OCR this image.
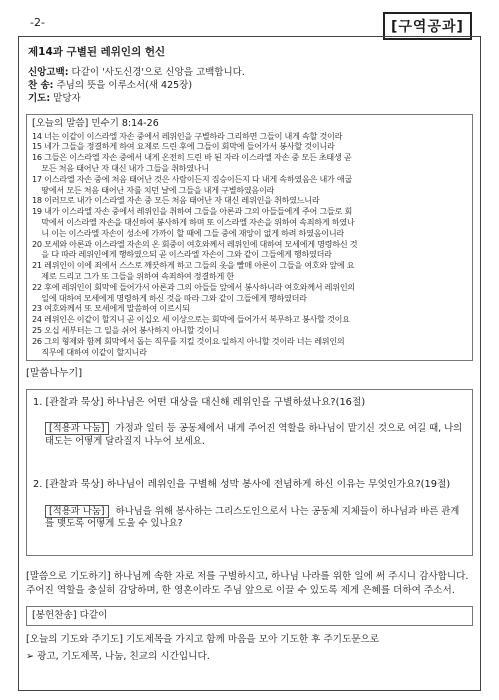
-2-	[구역공과]
제14과 구별된 레위인의 헌신
신앙고백: 다같이 '사도신경'으로 신앙을 고백합니다.
찬 송: 주님의 뜻을 이루소서(새 425장)
기도: 맡당자
[오늘의 말씀] 민수기 8:14-26
14 너는 이같이 이스라엘 자손 중에서 레위인을 구별하라 그리하면 그들이 내게 속할 것이라
15 네가 그들을 정결하게 하여 요제로 드린 후에 그들이 회막에 들어가서 봉사할 것이니라
16 그들은 이스라엘 자손 중에서 내게 온전히 드린 바 된 자라 이스라엘 자손 중 모든 초태생 곧
모든 처음 태어난 자 대신 내가 그들을 취하였나니
17 이스라엘 자손 중에 처음 태어난 것은 사람이든지 짐승이든지 다 내게 속하였음은 내가 애굽
땅에서 모든 처음 태어난 자를 치던 날에 그들을 내게 구별하였음이라
18 이러므로 내가 이스라엘 자손 중 모든 처음 태어난 자 대신 레위인을 취하였느니라
19 내가 이스라엘 자손 중에서 레위인을 취하여 그들을 아론과 그의 아들들에게 주어 그들로 회
막에서 이스라엘 자손을 대신하여 봉사하게 하며 또 이스라엘 자손을 위하여 속죄하게 하였나
니 이는 이스라엘 자손이 성소에 가까이 할 때에 그들 중에 재앙이 없게 하려 하였음이니라
20 모세와 아론과 이스라엘 자손의 온 회중이 여호와께서 레위인에 대하여 모세에게 명령하신 것
을 다 따라 레위인에게 행하였으되 곧 이스라엘 자손이 그와 같이 그들에게 행하였더라
21 레위인이 이에 죄에서 스스로 깨끗하게 하고 그들의 옷을 빨매 아론이 그들을 여호와 앞에 요
제로 드리고 그가 또 그들을 위하여 속죄하여 정결하게 한
22 후에 레위인이 회막에 들어가서 아론과 그의 아들들 앞에서 봉사하니라 여호와께서 레위인의
일에 대하여 모세에게 명령하게 하신 것을 따라 그와 같이 그들에게 행하였더라
23 여호와께서 또 모세에게 말씀하여 이르시되
24 레위인은 이같이 할지니 곧 이십오 세 이상으로는 회막에 들어가서 복무하고 봉사할 것이요
25 오십 세부터는 그 일을 쉬어 봉사하지 아니할 것이니
26 그의 형제와 함께 회막에서 돕는 직무를 지킬 것이요 일하지 아니할 것이라 너는 레위인의
직무에 대하여 이같이 할지니라
[말씀나누기]
1. [관찰과 묵상] 하나님은 어떤 대상을 대신해 레위인을 구별하셨나요?(16절)
[적용과 나눔] 가정과 일터 등 공동체에서 내게 주어진 역할을 하나님이 맡기신 것으로 여길 때, 나의 태도는 어떻게 달라질지 나누어 보세요.
2. [관찰과 묵상] 하나님이 레위인을 구별해 성막 봉사에 전념하게 하신 이유는 무엇인가요?(19절)
[적용과 나눔] 하나님을 위해 봉사하는 그리스도인으로서 나는 공동체 지체들이 하나님과 바른 관계를 맺도록 어떻게 도울 수 있나요?
[말씀으로 기도하기] 하나님께 속한 자로 저를 구별하시고, 하나님 나라를 위한 일에 써 주시니 감사합니다. 주어진 역할을 충실히 감당하며, 한 영혼이라도 주님 앞으로 이끌 수 있도록 제게 은혜를 더하여 주소서.
[봉헌찬송] 다같이
[오늘의 기도와 주기도] 기도제목을 가지고 함께 마음을 모아 기도한 후 주기도문으로
➢ 광고, 기도제목, 나눔, 친교의 시간입니다.
